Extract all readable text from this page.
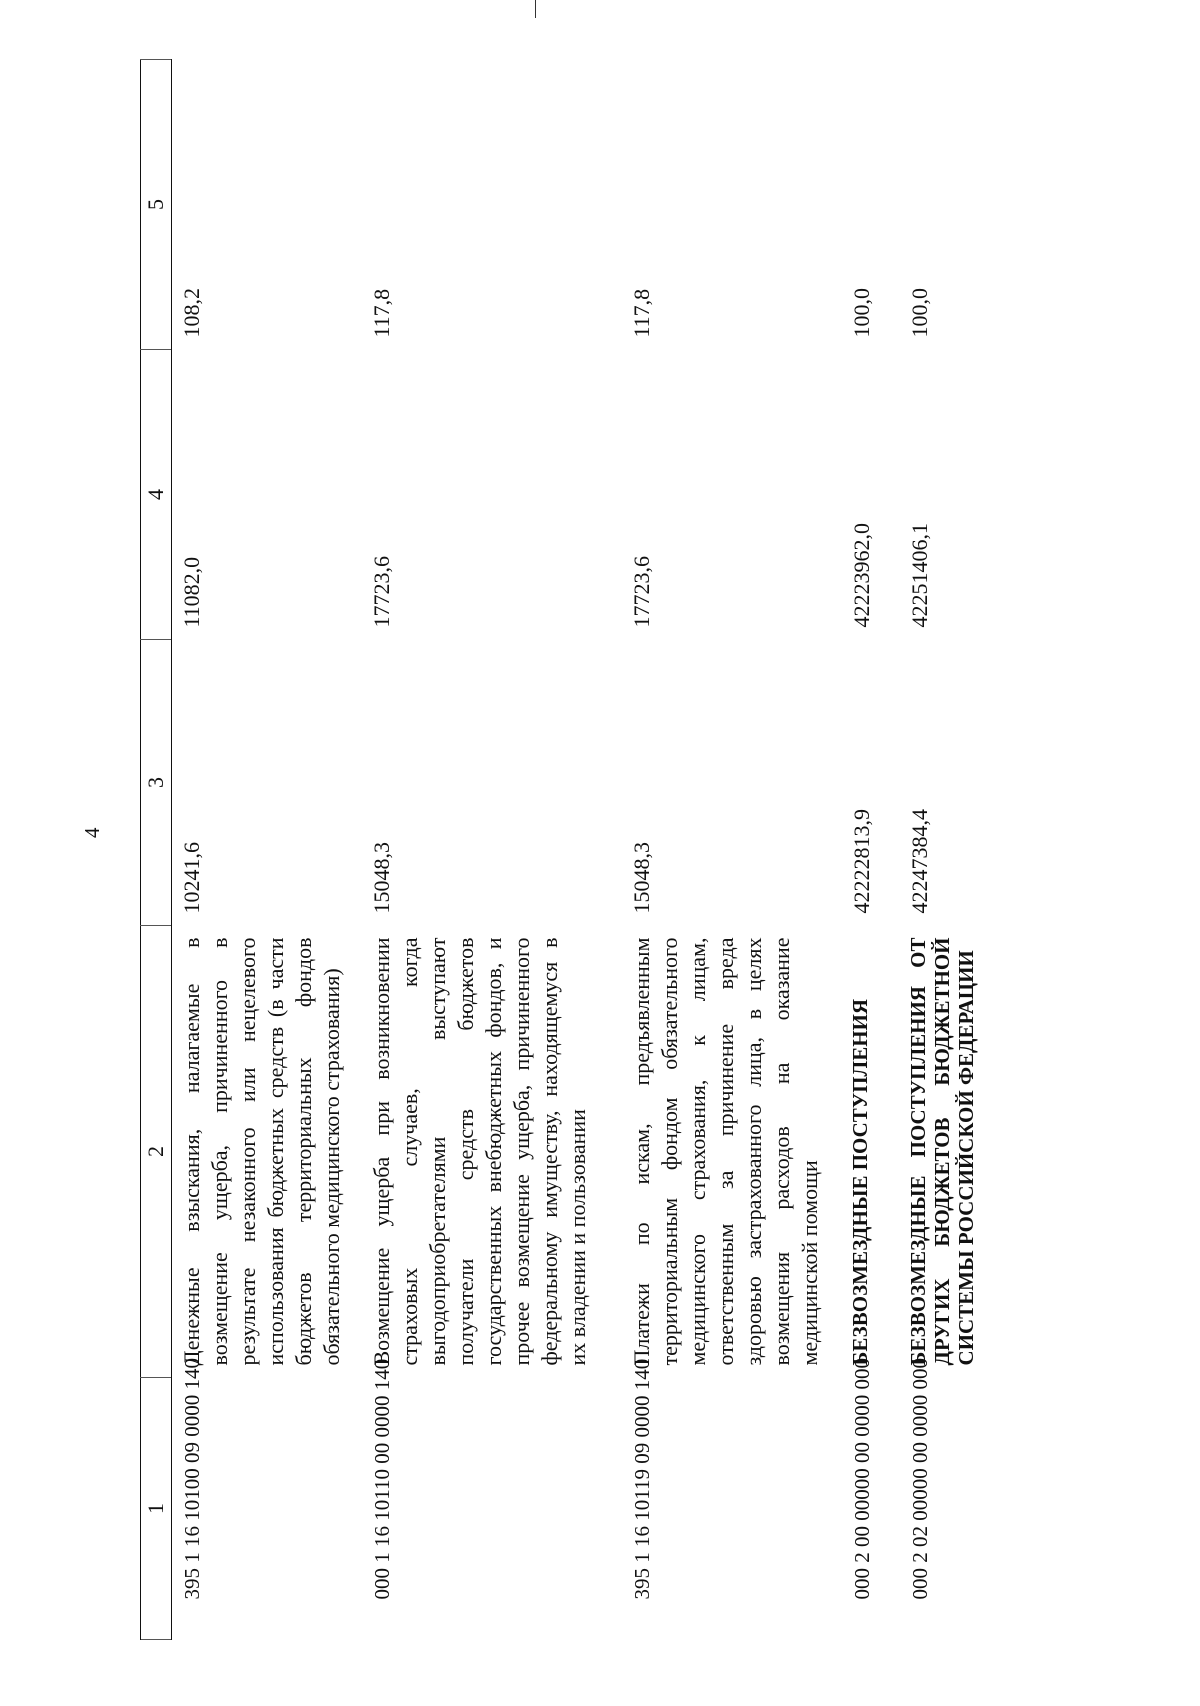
4
1	2	3	4	5
395 1 16 10100 09 0000 140	Денежные взыскания, налагаемые в возмещение ущерба, причиненного в результате незаконного или нецелевого использования бюджетных средств (в части бюджетов территориальных фондов обязательного медицинского страхования)	10241,6	11082,0	108,2
000 1 16 10110 00 0000 140	Возмещение ущерба при возникновении страховых случаев, когда выгодоприобретателями выступают получатели средств бюджетов государственных внебюджетных фондов, и прочее возмещение ущерба, причиненного федеральному имуществу, находящемуся в их владении и пользовании	15048,3	17723,6	117,8
395 1 16 10119 09 0000 140	Платежи по искам, предъявленным территориальным фондом обязательного медицинского страхования, к лицам, ответственным за причинение вреда здоровью застрахованного лица, в целях возмещения расходов на оказание медицинской помощи	15048,3	17723,6	117,8
000 2 00 00000 00 0000 000	БЕЗВОЗМЕЗДНЫЕ ПОСТУПЛЕНИЯ	42222813,9	42223962,0	100,0
000 2 02 00000 00 0000 000	БЕЗВОЗМЕЗДНЫЕ ПОСТУПЛЕНИЯ ОТ ДРУГИХ БЮДЖЕТОВ БЮДЖЕТНОЙ СИСТЕМЫ РОССИЙСКОЙ ФЕДЕРАЦИИ	42247384,4	42251406,1	100,0
